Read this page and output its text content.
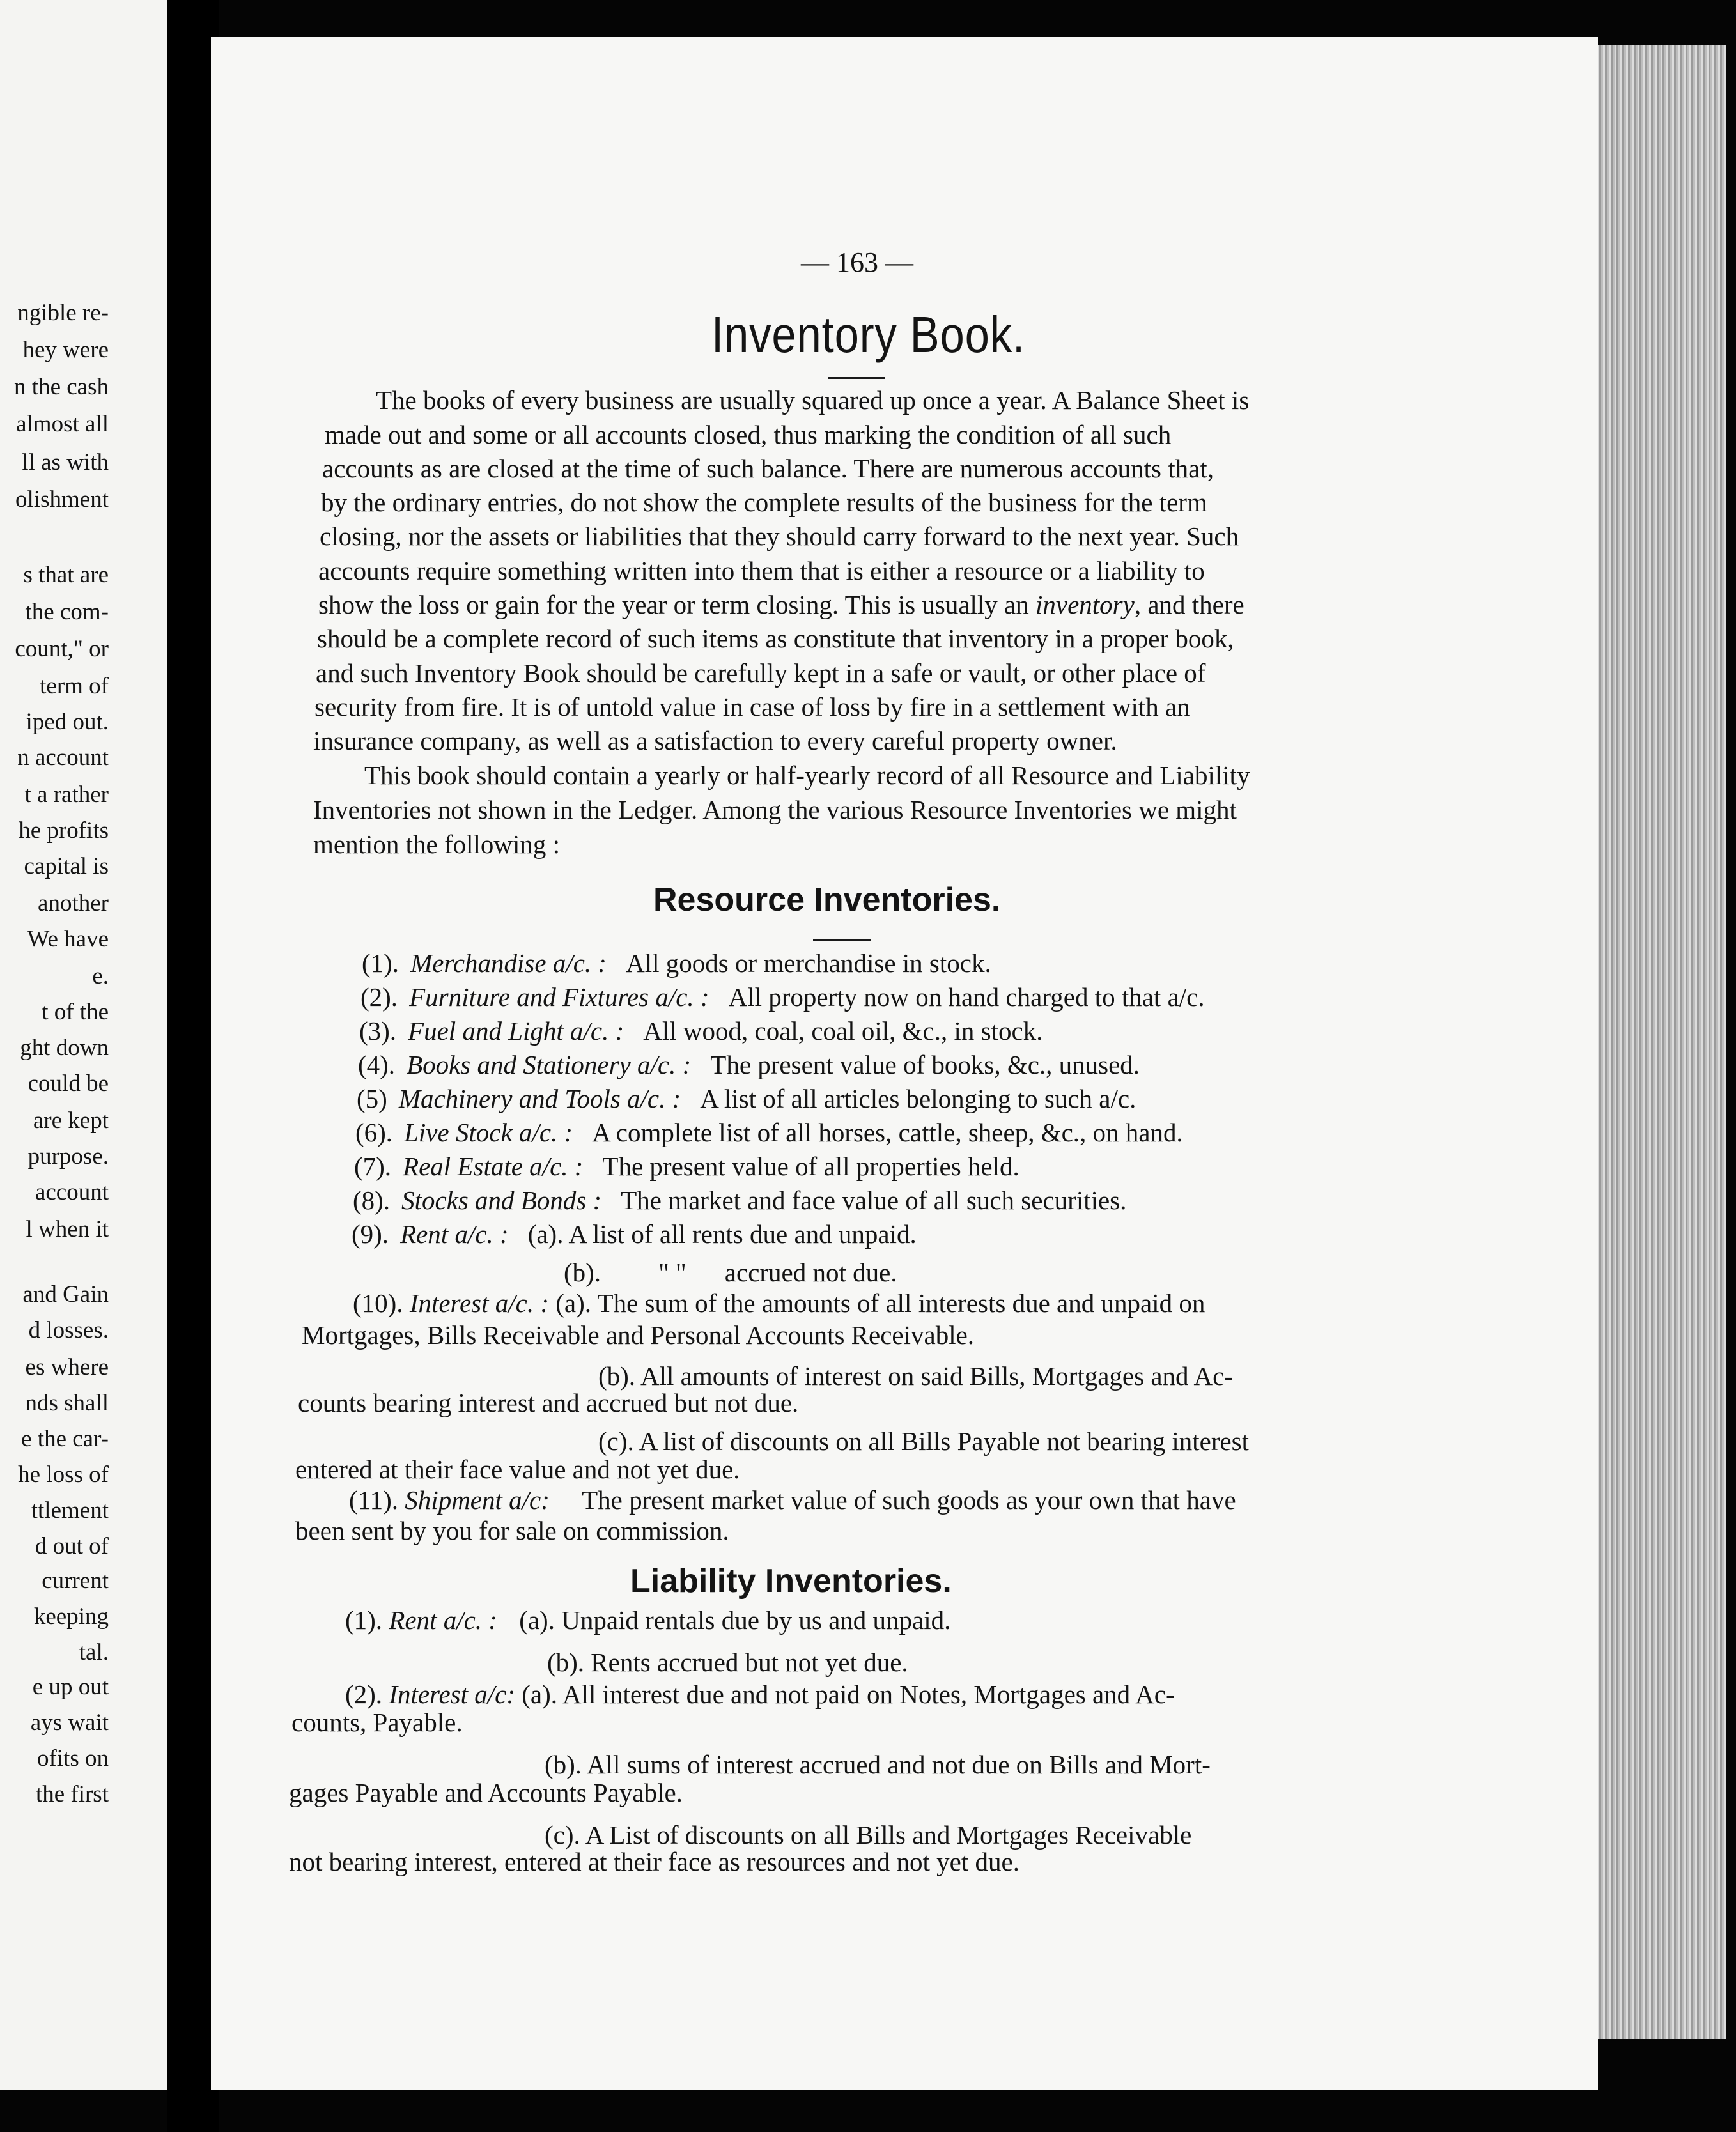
ngible re-
hey were
n the cash
almost all
ll as with
olishment
s that are
the com-
count," or
term of
iped out.
n account
t a rather
he profits
capital is
another
We have
e.
t of the
ght down
could be
are kept
purpose.
account
l when it
and Gain
d losses.
es where
nds shall
e the car-
he loss of
ttlement
d out of
current
keeping
tal.
e up out
ays wait
ofits on
the first
— 163 —
Inventory Book.
The books of every business are usually squared up once a year. A Balance Sheet is
made out and some or all accounts closed, thus marking the condition of all such
accounts as are closed at the time of such balance. There are numerous accounts that,
by the ordinary entries, do not show the complete results of the business for the term
closing, nor the assets or liabilities that they should carry forward to the next year. Such
accounts require something written into them that is either a resource or a liability to
show the loss or gain for the year or term closing. This is usually an inventory, and there
should be a complete record of such items as constitute that inventory in a proper book,
and such Inventory Book should be carefully kept in a safe or vault, or other place of
security from fire. It is of untold value in case of loss by fire in a settlement with an
insurance company, as well as a satisfaction to every careful property owner.
This book should contain a yearly or half-yearly record of all Resource and Liability
Inventories not shown in the Ledger. Among the various Resource Inventories we might
mention the following :
Resource Inventories.
(1). Merchandise a/c. : All goods or merchandise in stock.
(2). Furniture and Fixtures a/c. : All property now on hand charged to that a/c.
(3). Fuel and Light a/c. : All wood, coal, coal oil, &c., in stock.
(4). Books and Stationery a/c. : The present value of books, &c., unused.
(5) Machinery and Tools a/c. : A list of all articles belonging to such a/c.
(6). Live Stock a/c. : A complete list of all horses, cattle, sheep, &c., on hand.
(7). Real Estate a/c. : The present value of all properties held.
(8). Stocks and Bonds : The market and face value of all such securities.
(9). Rent a/c. : (a). A list of all rents due and unpaid.
(b). " " accrued not due.
(10). Interest a/c. : (a). The sum of the amounts of all interests due and unpaid on
Mortgages, Bills Receivable and Personal Accounts Receivable.
(b). All amounts of interest on said Bills, Mortgages and Ac-
counts bearing interest and accrued but not due.
(c). A list of discounts on all Bills Payable not bearing interest
entered at their face value and not yet due.
(11). Shipment a/c: The present market value of such goods as your own that have
been sent by you for sale on commission.
Liability Inventories.
(1). Rent a/c. : (a). Unpaid rentals due by us and unpaid.
(b). Rents accrued but not yet due.
(2). Interest a/c: (a). All interest due and not paid on Notes, Mortgages and Ac-
counts, Payable.
(b). All sums of interest accrued and not due on Bills and Mort-
gages Payable and Accounts Payable.
(c). A List of discounts on all Bills and Mortgages Receivable
not bearing interest, entered at their face as resources and not yet due.
